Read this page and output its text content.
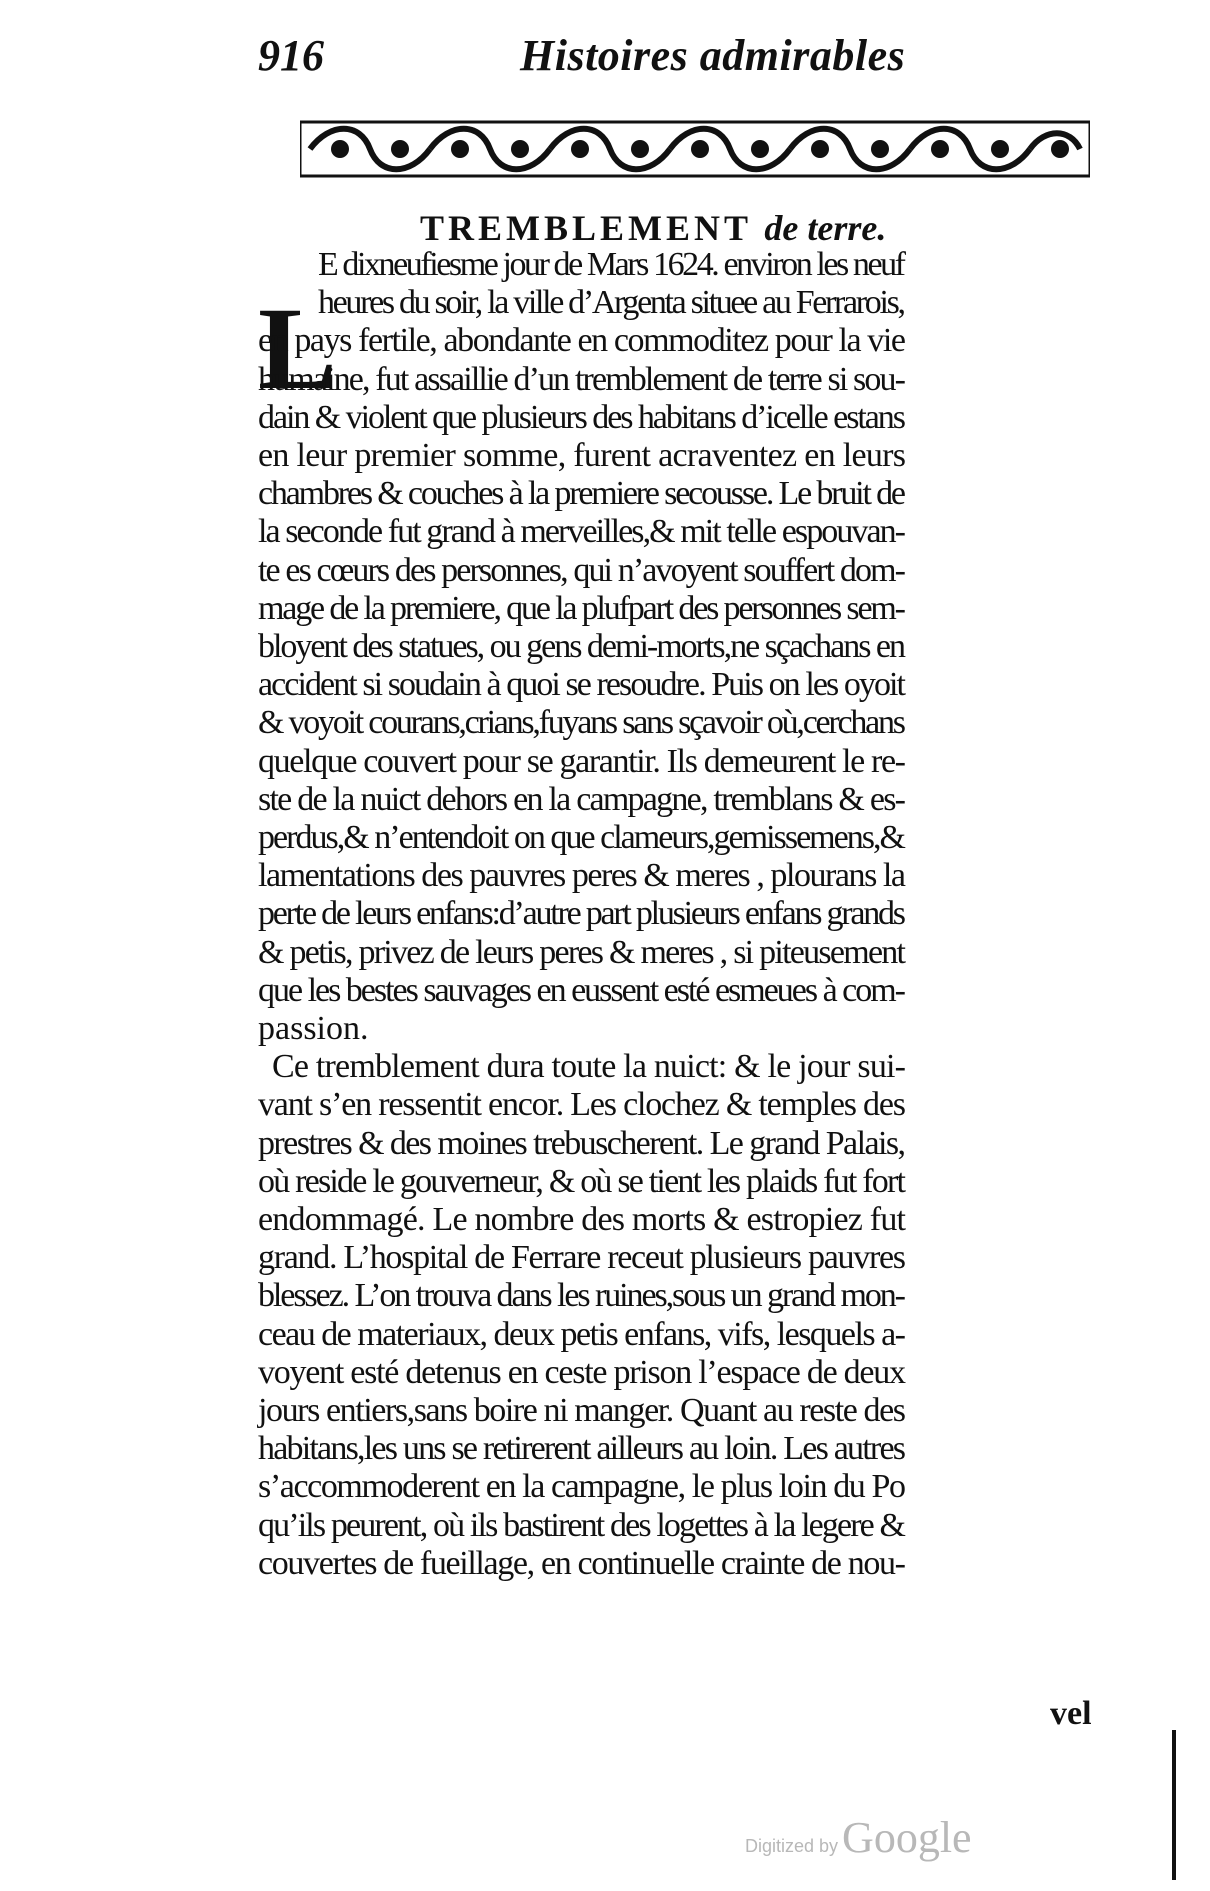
916	Histoires admirables
TREMBLEMENT de terre.
L
E dixneufiesme jour de Mars 1624. environ les neuf
heures du soir, la ville d’Argenta situee au Ferrarois,
en pays fertile, abondante en commoditez pour la vie
humaine, fut assaillie d’un tremblement de terre si sou-
dain & violent que plusieurs des habitans d’icelle estans
en leur premier somme, furent acraventez en leurs
chambres & couches à la premiere secousse. Le bruit de
la seconde fut grand à merveilles,& mit telle espouvan-
te es cœurs des personnes, qui n’avoyent souffert dom-
mage de la premiere, que la plufpart des personnes sem-
bloyent des statues, ou gens demi-morts,ne sçachans en
accident si soudain à quoi se resoudre. Puis on les oyoit
& voyoit courans,crians,fuyans sans sçavoir où,cerchans
quelque couvert pour se garantir. Ils demeurent le re-
ste de la nuict dehors en la campagne, tremblans & es-
perdus,& n’entendoit on que clameurs,gemissemens,&
lamentations des pauvres peres & meres , plourans la
perte de leurs enfans:d’autre part plusieurs enfans grands
& petis, privez de leurs peres & meres , si piteusement
que les bestes sauvages en eussent esté esmeues à com-
passion.
Ce tremblement dura toute la nuict: & le jour sui-
vant s’en ressentit encor. Les clochez & temples des
prestres & des moines trebuscherent. Le grand Palais,
où reside le gouverneur, & où se tient les plaids fut fort
endommagé. Le nombre des morts & estropiez fut
grand. L’hospital de Ferrare receut plusieurs pauvres
blessez. L’on trouva dans les ruines,sous un grand mon-
ceau de materiaux, deux petis enfans, vifs, lesquels a-
voyent esté detenus en ceste prison l’espace de deux
jours entiers,sans boire ni manger. Quant au reste des
habitans,les uns se retirerent ailleurs au loin. Les autres
s’accommoderent en la campagne, le plus loin du Po
qu’ils peurent, où ils bastirent des logettes à la legere &
couvertes de fueillage, en continuelle crainte de nou-
vel
Digitized by Google
